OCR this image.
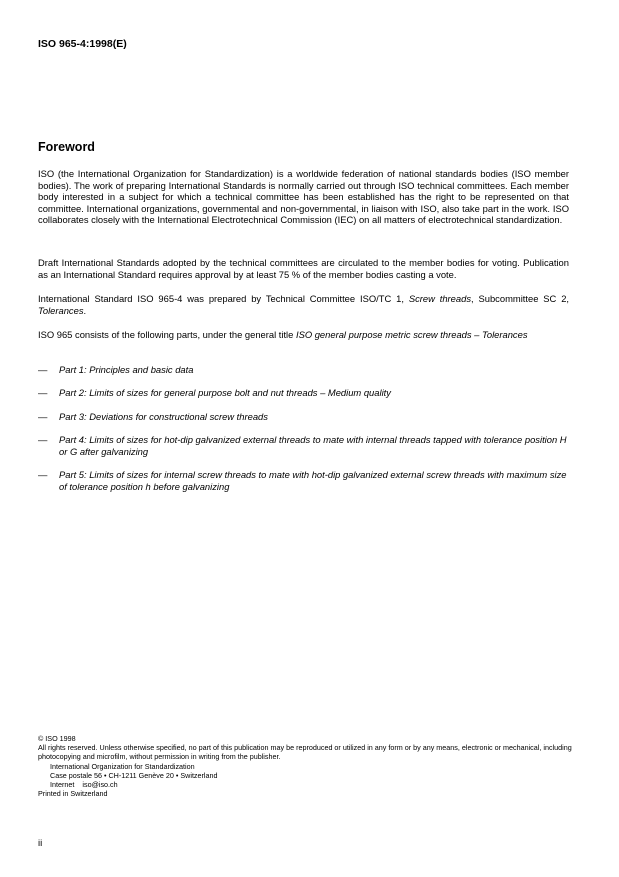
ISO 965-4:1998(E)
Foreword
ISO (the International Organization for Standardization) is a worldwide federation of national standards bodies (ISO member bodies). The work of preparing International Standards is normally carried out through ISO technical committees. Each member body interested in a subject for which a technical committee has been established has the right to be represented on that committee. International organizations, governmental and non-governmental, in liaison with ISO, also take part in the work. ISO collaborates closely with the International Electrotechnical Commission (IEC) on all matters of electrotechnical standardization.
Draft International Standards adopted by the technical committees are circulated to the member bodies for voting. Publication as an International Standard requires approval by at least 75 % of the member bodies casting a vote.
International Standard ISO 965-4 was prepared by Technical Committee ISO/TC 1, Screw threads, Subcommittee SC 2, Tolerances.
ISO 965 consists of the following parts, under the general title ISO general purpose metric screw threads – Tolerances
—	Part 1: Principles and basic data
—	Part 2: Limits of sizes for general purpose bolt and nut threads – Medium quality
—	Part 3: Deviations for constructional screw threads
—	Part 4: Limits of sizes for hot-dip galvanized external threads to mate with internal threads tapped with tolerance position H or G after galvanizing
—	Part 5: Limits of sizes for internal screw threads to mate with hot-dip galvanized external screw threads with maximum size of tolerance position h before galvanizing
© ISO 1998
All rights reserved. Unless otherwise specified, no part of this publication may be reproduced or utilized in any form or by any means, electronic or mechanical, including photocopying and microfilm, without permission in writing from the publisher.
International Organization for Standardization
Case postale 56 • CH-1211 Genève 20 • Switzerland
Internet iso@iso.ch
Printed in Switzerland
ii
